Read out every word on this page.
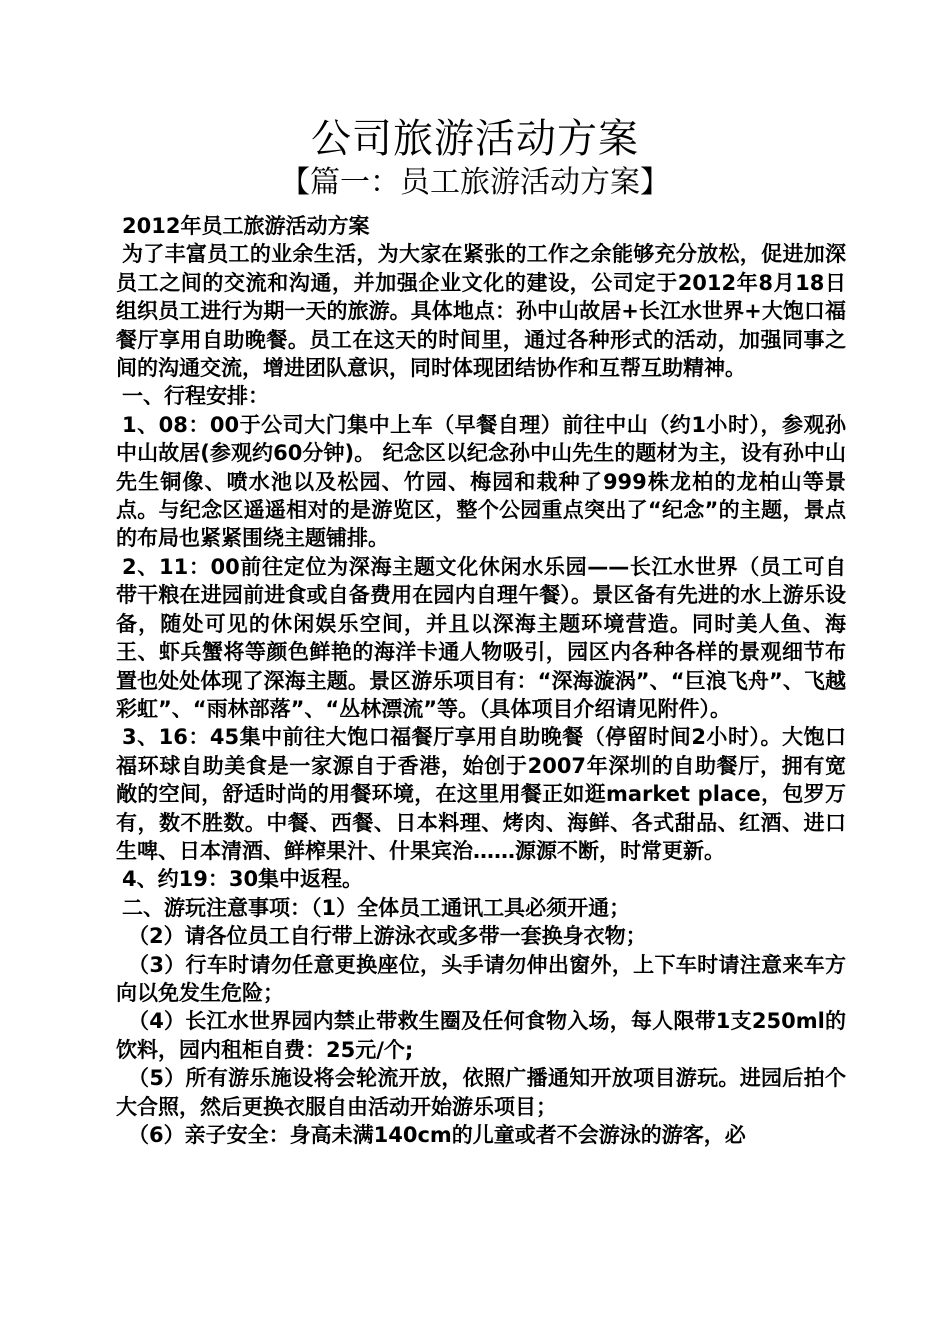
公司旅游活动方案
【篇一：员工旅游活动方案】

2012年员工旅游活动方案

为了丰富员工的业余生活，为大家在紧张的工作之余能够充分放松，促进加深员工之间的交流和沟通，并加强企业文化的建设，公司定于2012年8月18日组织员工进行为期一天的旅游。具体地点：孙中山故居+长江水世界+大饱口福餐厅享用自助晚餐。员工在这天的时间里，通过各种形式的活动，加强同事之间的沟通交流，增进团队意识，同时体现团结协作和互帮互助精神。

一、行程安排：

1、08：00于公司大门集中上车（早餐自理）前往中山（约1小时），参观孙中山故居(参观约60分钟)。 纪念区以纪念孙中山先生的题材为主，设有孙中山先生铜像、喷水池以及松园、竹园、梅园和栽种了999株龙柏的龙柏山等景点。与纪念区遥遥相对的是游览区，整个公园重点突出了“纪念”的主题，景点的布局也紧紧围绕主题铺排。

2、11：00前往定位为深海主题文化休闲水乐园——长江水世界（员工可自带干粮在进园前进食或自备费用在园内自理午餐）。景区备有先进的水上游乐设备，随处可见的休闲娱乐空间，并且以深海主题环境营造。同时美人鱼、海王、虾兵蟹将等颜色鲜艳的海洋卡通人物吸引，园区内各种各样的景观细节布置也处处体现了深海主题。景区游乐项目有：“深海漩涡”、“巨浪飞舟”、飞越彩虹”、“雨林部落”、“丛林漂流”等。（具体项目介绍请见附件）。

3、16：45集中前往大饱口福餐厅享用自助晚餐（停留时间2小时）。大饱口福环球自助美食是一家源自于香港，始创于2007年深圳的自助餐厅，拥有宽敞的空间，舒适时尚的用餐环境，在这里用餐正如逛market place，包罗万有，数不胜数。中餐、西餐、日本料理、烤肉、海鲜、各式甜品、红酒、进口生啤、日本清酒、鲜榨果汁、什果宾治……源源不断，时常更新。

4、约19：30集中返程。

二、游玩注意事项：（1）全体员工通讯工具必须开通；

（2）请各位员工自行带上游泳衣或多带一套换身衣物；

（3）行车时请勿任意更换座位，头手请勿伸出窗外，上下车时请注意来车方向以免发生危险；

（4）长江水世界园内禁止带救生圈及任何食物入场，每人限带1支250ml的饮料，园内租柜自费：25元/个;

（5）所有游乐施设将会轮流开放，依照广播通知开放项目游玩。进园后拍个大合照，然后更换衣服自由活动开始游乐项目；

（6）亲子安全：身高未满140cm的儿童或者不会游泳的游客，必
